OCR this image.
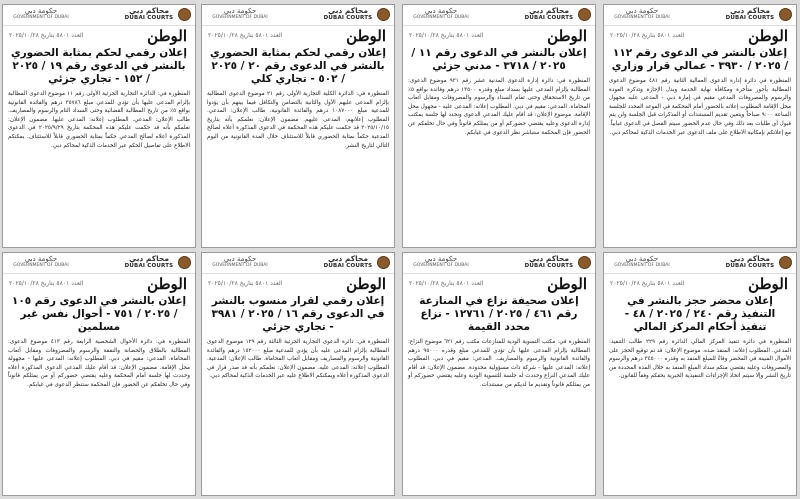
محاكم دبي
DUBAI COURTS
حكومة دبي
GOVERNMENT OF DUBAI
الوطن
العدد ٥٨٠١ بتاريخ ٢٠٢٥/١٠/٢٨
إعلان بالنشر في الدعوى رقم ١١٢ / ٢٠٢٥ / ٣٩٣٠ - عمالي قرار وزاري

المنظورة في دائرة إدارة الدعوى العمالية الثانية رقم ٤٨١ موضوع الدعوى المطالبة بأجور متأخرة ومكافأة نهاية الخدمة وبدل الإجازة وتذكرة العودة والرسوم والمصروفات المدعي مقيم في إمارة دبي - المدعى عليه مجهول محل الإقامة المطلوب إعلانه بالحضور أمام المحكمة في الموعد المحدد للجلسة الساعة ٩:٠٠ صباحاً ويتعين تقديم المستندات أو المذكرات قبل الجلسة ولن يتم قبول أي طلبات بعد ذلك وفي حال عدم الحضور سيتم الفصل في الدعوى غيابياً. مع إعلانكم بإمكانية الاطلاع على ملف الدعوى عبر الخدمات الذكية لمحاكم دبي.

محاكم دبي
DUBAI COURTS
حكومة دبي
GOVERNMENT OF DUBAI
الوطن
العدد ٥٨٠١ بتاريخ ٢٠٢٥/١٠/٢٨
إعلان بالنشر في الدعوى رقم ١١ / ٢٠٢٥ / ٣٧١٨ - مدني جزئي

المنظورة في: دائرة إدارة الدعوى المدنية عشر رقم ٩٣١ موضوع الدعوى: المطالبة بإلزام المدعى عليها بسداد مبلغ وقدره ١٣٥٠٠ درهم وفائدة بواقع ٥٪ من تاريخ الاستحقاق وحتى تمام السداد والرسوم والمصروفات ومقابل أتعاب المحاماة. المدعي: مقيم في دبي. المطلوب إعلانه: المدعى عليه - مجهول محل الإقامة. موضوع الإعلان: قد أقام عليك المدعي الدعوى ونحدد لها جلسة بمكتب إدارة الدعوى وعليه يقتضي حضوركم أو من يمثلكم قانوناً وفي حال تخلفكم عن الحضور فإن المحكمة ستباشر نظر الدعوى في غيابكم.

محاكم دبي
DUBAI COURTS
حكومة دبي
GOVERNMENT OF DUBAI
الوطن
العدد ٥٨٠١ بتاريخ ٢٠٢٥/١٠/٢٨
إعلان رقمي لحكم بمثابة الحضوري بالنشر في الدعوى رقم ٢٠ / ٢٠٢٥ / ٥٠٢ - تجاري كلي

المنظورة في: الدائرة الكلية التجارية الأولى رقم ٢١ موضوع الدعوى المطالبة بإلزام المدعى عليهم الأول والثانية بالتضامن والتكافل فيما بينهم بأن يؤدوا للمدعية مبلغ ١٠٨٧٠٠٠ درهم والفائدة القانونية. طالب الإعلان: المدعي. المطلوب إعلانهم: المدعى عليهم. مضمون الإعلان: نعلمكم بأنه بتاريخ ٢٠٢٥/١٠/١٥ قد حكمت عليكم هذه المحكمة في الدعوى المذكورة أعلاه لصالح المدعية حكماً بمثابة الحضوري قابلاً للاستئناف خلال المدة القانونية من اليوم التالي لتاريخ النشر.

محاكم دبي
DUBAI COURTS
حكومة دبي
GOVERNMENT OF DUBAI
الوطن
العدد ٥٨٠١ بتاريخ ٢٠٢٥/١٠/٢٨
إعلان رقمي لحكم بمثابة الحضوري بالنشر في الدعوى رقم ١٩ / ٢٠٢٥ / ١٥٢ - تجاري جزئي

المنظورة في: الدائرة التجارية الجزئية الأولى رقم ١١ موضوع الدعوى المطالبة بإلزام المدعى عليها بأن تؤدي للمدعي مبلغ ٣٥٧٨٦ درهم والفائدة القانونية بواقع ٥٪ من تاريخ المطالبة القضائية وحتى السداد التام والرسوم والمصاريف. طالب الإعلان: المدعي. المطلوب إعلانه: المدعى عليها. مضمون الإعلان: نعلمكم بأنه قد حكمت عليكم هذه المحكمة بتاريخ ٢٠٢٥/٩/٢٩ في الدعوى المذكورة أعلاه لصالح المدعي حكماً بمثابة الحضوري قابلاً للاستئناف. يمكنكم الاطلاع على تفاصيل الحكم عبر الخدمات الذكية لمحاكم دبي.

محاكم دبي
DUBAI COURTS
حكومة دبي
GOVERNMENT OF DUBAI
الوطن
العدد ٥٨٠١ بتاريخ ٢٠٢٥/١٠/٢٨
إعلان محضر حجز بالنشر في التنفيذ رقم ٢٤٠ / ٢٠٢٥ / ٤٨ - تنفيذ أحكام المركز المالي

المنظورة في دائرة تنفيذ المركز المالي الدائرة رقم ٢٢٩ طالب التنفيذ: المدعي. المطلوب إعلانه: المنفذ ضده. موضوع الإعلان: قد تم توقيع الحجز على الأموال المبينة في المحضر وفاءً للمبلغ المنفذ به وقدره ٣٤٥٠٠٠ درهم والرسوم والمصروفات وعليه يقتضي منكم سداد المبلغ المنفذ به خلال المدة المحددة من تاريخ النشر وإلا سيتم اتخاذ الإجراءات التنفيذية الجبرية بحقكم وفقاً للقانون.

محاكم دبي
DUBAI COURTS
حكومة دبي
GOVERNMENT OF DUBAI
الوطن
العدد ٥٨٠١ بتاريخ ٢٠٢٥/١٠/٢٨
إعلان صحيفة نزاع في المنازعة رقم ٤٦١ / ٢٠٢٥ / ١٢٧٦١ - نزاع محدد القيمة

المنظورة في: مكتب التسوية الودية للمنازعات مكتب رقم ٦٢١ موضوع النزاع: المطالبة بإلزام المدعى عليها بأن تؤدي للمدعي مبلغ وقدره ٩٥٠٠٠ درهم والفائدة القانونية والرسوم والمصاريف. المدعي: مقيم في دبي. المطلوب إعلانه: المدعى عليها - شركة ذات مسؤولية محدودة. مضمون الإعلان: قد أقام عليك المدعي النزاع وحددت له جلسة للتسوية الودية وعليه يقتضي حضوركم أو من يمثلكم قانوناً وتقديم ما لديكم من مستندات.

محاكم دبي
DUBAI COURTS
حكومة دبي
GOVERNMENT OF DUBAI
الوطن
العدد ٥٨٠١ بتاريخ ٢٠٢٥/١٠/٢٨
إعلان رقمي لقرار منسوب بالنشر في الدعوى رقم ١٦ / ٢٠٢٥ / ٣٩٨١ - تجاري جزئي

المنظورة في: دائرة الدعوى التجارية الجزئية الثالثة رقم ١٢٩ موضوع الدعوى المطالبة بإلزام المدعى عليه بأن يؤدي للمدعية مبلغ ١٥٢٠٠٠ درهم والفائدة القانونية والرسوم والمصاريف ومقابل أتعاب المحاماة. طالب الإعلان: المدعية. المطلوب إعلانه: المدعى عليه. مضمون الإعلان: نعلمكم بأنه قد صدر قرار في الدعوى المذكورة أعلاه ويمكنكم الاطلاع عليه عبر الخدمات الذكية لمحاكم دبي.

محاكم دبي
DUBAI COURTS
حكومة دبي
GOVERNMENT OF DUBAI
الوطن
العدد ٥٨٠١ بتاريخ ٢٠٢٥/١٠/٢٨
إعلان بالنشر في الدعوى رقم ١٠٥ / ٢٠٢٥ / ٧٥١ - أحوال نفس غير مسلمين

المنظورة في: دائرة الأحوال الشخصية الرابعة رقم ٤١٣ موضوع الدعوى: المطالبة بالطلاق والحضانة والنفقة والرسوم والمصروفات ومقابل أتعاب المحاماة. المدعي: مقيم في دبي. المطلوب إعلانه: المدعى عليها - مجهولة محل الإقامة. مضمون الإعلان: قد أقام عليك المدعي الدعوى المذكورة أعلاه وحددت لها جلسة أمام المحكمة وعليه يقتضي حضوركم أو من يمثلكم قانوناً وفي حال تخلفكم عن الحضور فإن المحكمة ستنظر الدعوى في غيابكم.
